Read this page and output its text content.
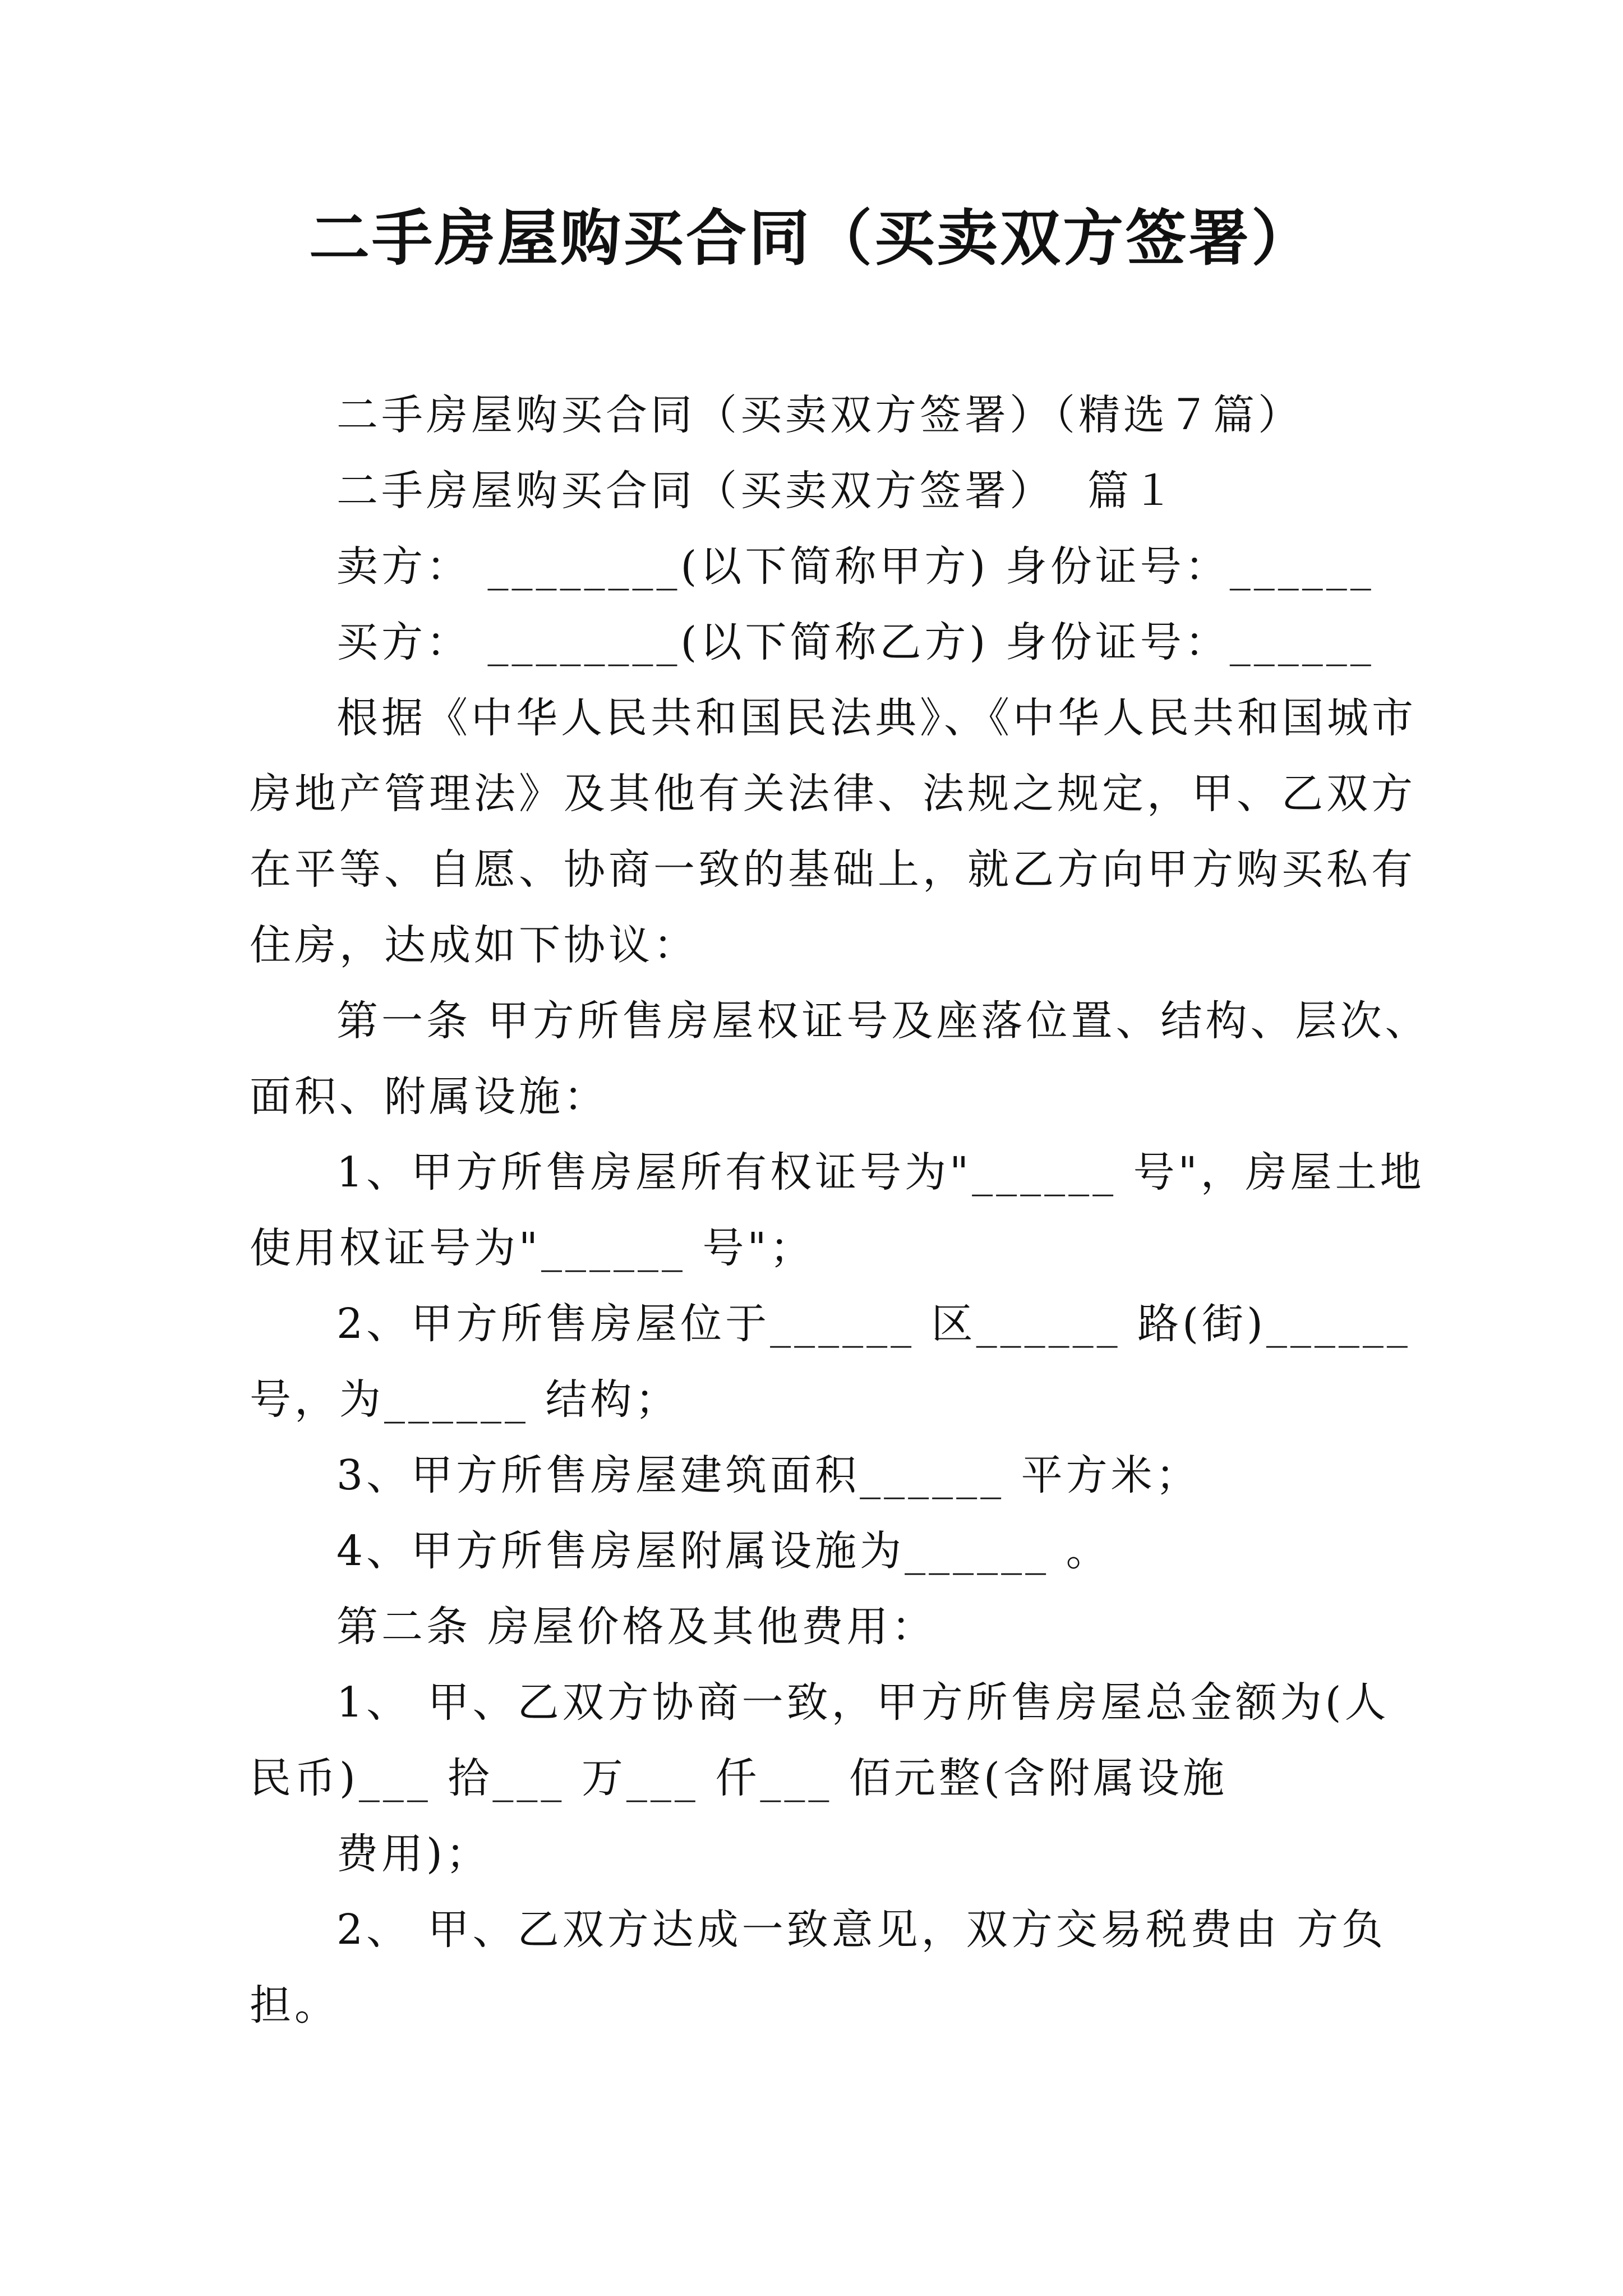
二手房屋购买合同（买卖双方签署）
二手房屋购买合同（买卖双方签署）（精选７篇）
二手房屋购买合同（买卖双方签署）  篇１
卖方： ________(以下简称甲方) 身份证号：______
买方： ________(以下简称乙方) 身份证号：______
根据《中华人民共和国民法典》、《中华人民共和国城市
房地产管理法》及其他有关法律、法规之规定，甲、乙双方
在平等、自愿、协商一致的基础上，就乙方向甲方购买私有
住房，达成如下协议：
第一条 甲方所售房屋权证号及座落位置、结构、层次、
面积、附属设施：
1、甲方所售房屋所有权证号为"______ 号"，房屋土地
使用权证号为"______ 号"；
2、甲方所售房屋位于______ 区______ 路(街)______
号，为______ 结构；
3、甲方所售房屋建筑面积______ 平方米；
4、甲方所售房屋附属设施为______ 。
第二条 房屋价格及其他费用：
1、 甲、乙双方协商一致，甲方所售房屋总金额为(人
民币)___ 拾___ 万___ 仟___ 佰元整(含附属设施
费用)；
2、 甲、乙双方达成一致意见，双方交易税费由 方负
担。
